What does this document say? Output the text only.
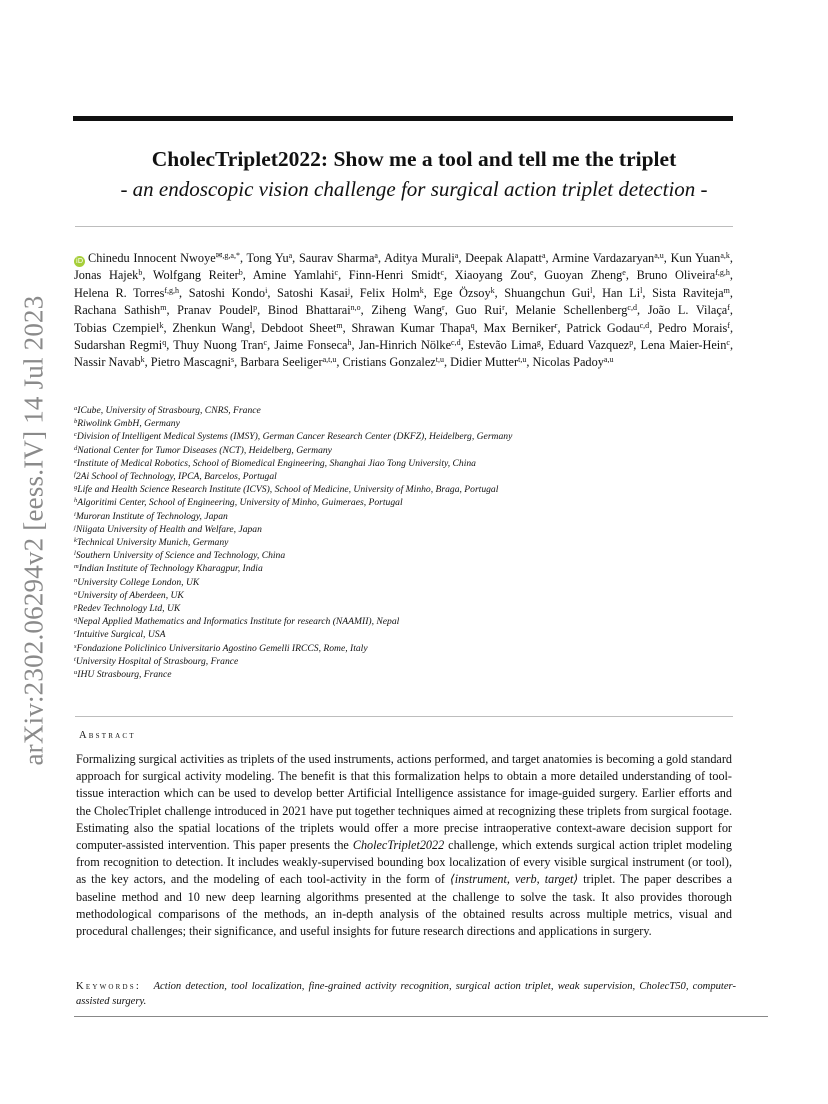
arXiv:2302.06294v2 [eess.IV] 14 Jul 2023
CholecTriplet2022: Show me a tool and tell me the triplet
- an endoscopic vision challenge for surgical action triplet detection -
iD Chinedu Innocent Nwoye$^{✉,g,a,*}$, Tong Yu$^a$, Saurav Sharma$^a$, Aditya Murali$^a$, Deepak Alapatt$^a$, Armine Vardazaryan$^{a,u}$, Kun Yuan$^{a,k}$, Jonas Hajek$^b$, Wolfgang Reiter$^b$, Amine Yamlahi$^c$, Finn-Henri Smidt$^c$, Xiaoyang Zou$^e$, Guoyan Zheng$^e$, Bruno Oliveira$^{f,g,h}$, Helena R. Torres$^{f,g,h}$, Satoshi Kondo$^i$, Satoshi Kasai$^j$, Felix Holm$^k$, Ege Özsoy$^k$, Shuangchun Gui$^l$, Han Li$^l$, Sista Raviteja$^m$, Rachana Sathish$^m$, Pranav Poudel$^p$, Binod Bhattarai$^{n,o}$, Ziheng Wang$^r$, Guo Rui$^r$, Melanie Schellenberg$^{c,d}$, João L. Vilaça$^f$, Tobias Czempiel$^k$, Zhenkun Wang$^l$, Debdoot Sheet$^m$, Shrawan Kumar Thapa$^q$, Max Berniker$^r$, Patrick Godau$^{c,d}$, Pedro Morais$^f$, Sudarshan Regmi$^q$, Thuy Nuong Tran$^c$, Jaime Fonseca$^h$, Jan-Hinrich Nölke$^{c,d}$, Estevão Lima$^g$, Eduard Vazquez$^p$, Lena Maier-Hein$^c$, Nassir Navab$^k$, Pietro Mascagni$^s$, Barbara Seeliger$^{a,t,u}$, Cristians Gonzalez$^{t,u}$, Didier Mutter$^{t,u}$, Nicolas Padoy$^{a,u}$
$^a$ICube, University of Strasbourg, CNRS, France
$^b$Riwolink GmbH, Germany
$^c$Division of Intelligent Medical Systems (IMSY), German Cancer Research Center (DKFZ), Heidelberg, Germany
$^d$National Center for Tumor Diseases (NCT), Heidelberg, Germany
$^e$Institute of Medical Robotics, School of Biomedical Engineering, Shanghai Jiao Tong University, China
$^f$2Ai School of Technology, IPCA, Barcelos, Portugal
$^g$Life and Health Science Research Institute (ICVS), School of Medicine, University of Minho, Braga, Portugal
$^h$Algoritimi Center, School of Engineering, University of Minho, Guimeraes, Portugal
$^i$Muroran Institute of Technology, Japan
$^j$Niigata University of Health and Welfare, Japan
$^k$Technical University Munich, Germany
$^l$Southern University of Science and Technology, China
$^m$Indian Institute of Technology Kharagpur, India
$^n$University College London, UK
$^o$University of Aberdeen, UK
$^p$Redev Technology Ltd, UK
$^q$Nepal Applied Mathematics and Informatics Institute for research (NAAMII), Nepal
$^r$Intuitive Surgical, USA
$^s$Fondazione Policlinico Universitario Agostino Gemelli IRCCS, Rome, Italy
$^t$University Hospital of Strasbourg, France
$^u$IHU Strasbourg, France
Abstract
Formalizing surgical activities as triplets of the used instruments, actions performed, and target anatomies is becoming a gold standard approach for surgical activity modeling. The benefit is that this formalization helps to obtain a more detailed understanding of tool-tissue interaction which can be used to develop better Artificial Intelligence assistance for image-guided surgery. Earlier efforts and the CholecTriplet challenge introduced in 2021 have put together techniques aimed at recognizing these triplets from surgical footage. Estimating also the spatial locations of the triplets would offer a more precise intraoperative context-aware decision support for computer-assisted intervention. This paper presents the CholecTriplet2022 challenge, which extends surgical action triplet modeling from recognition to detection. It includes weakly-supervised bounding box localization of every visible surgical instrument (or tool), as the key actors, and the modeling of each tool-activity in the form of ⟨instrument, verb, target⟩ triplet. The paper describes a baseline method and 10 new deep learning algorithms presented at the challenge to solve the task. It also provides thorough methodological comparisons of the methods, an in-depth analysis of the obtained results across multiple metrics, visual and procedural challenges; their significance, and useful insights for future research directions and applications in surgery.
Keywords: Action detection, tool localization, fine-grained activity recognition, surgical action triplet, weak supervision, CholecT50, computer-assisted surgery.
